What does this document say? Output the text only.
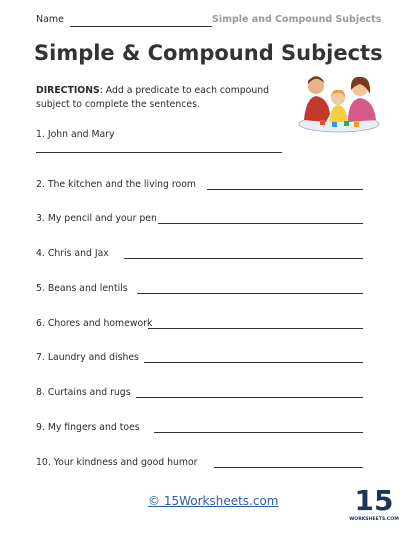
Name	Simple and Compound Subjects
Simple & Compound Subjects
DIRECTIONS: Add a predicate to each compound subject to complete the sentences.
1. John and Mary
2. The kitchen and the living room
3. My pencil and your pen
4. Chris and Jax
5. Beans and lentils
6. Chores and homework
7. Laundry and dishes
8. Curtains and rugs
9. My fingers and toes
10. Your kindness and good humor
© 15Worksheets.com	15
WORKSHEETS.COM
